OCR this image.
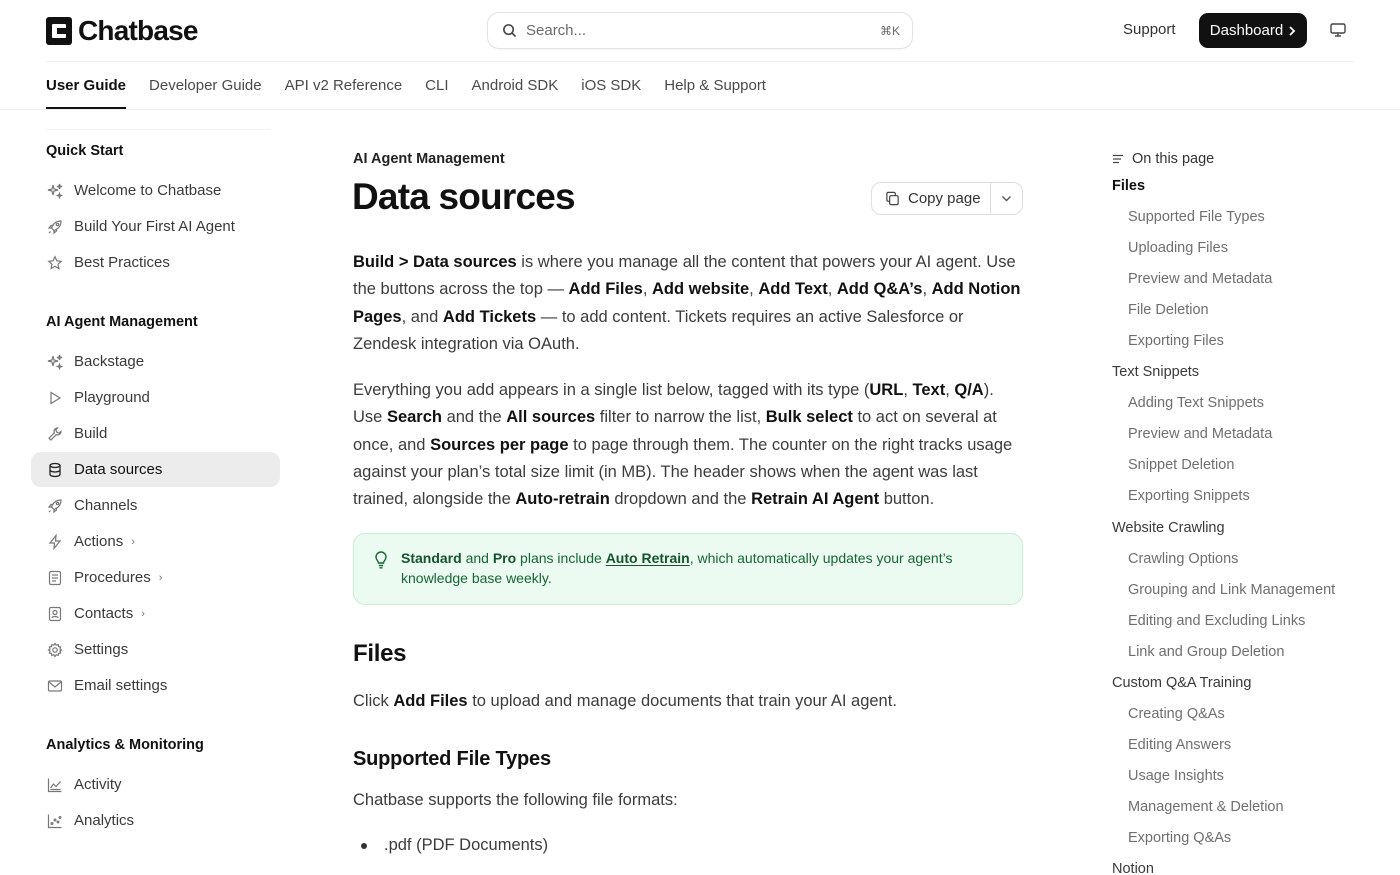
Chatbase	Search...	⌘K	Support Dashboard
User Guide Developer Guide API v2 Reference CLI Android SDK iOS SDK Help & Support
Quick Start
Welcome to Chatbase
Build Your First AI Agent
Best Practices
AI Agent Management
Backstage
Playground
Build
Data sources
Channels
Actions ›
Procedures ›
Contacts ›
Settings
Email settings
Analytics & Monitoring
Activity
Analytics
AI Agent Management
Data sources	Copy page

Build > Data sources is where you manage all the content that powers your AI agent. Use the buttons across the top — Add Files, Add website, Add Text, Add Q&A’s, Add Notion Pages, and Add Tickets — to add content. Tickets requires an active Salesforce or Zendesk integration via OAuth.

Everything you add appears in a single list below, tagged with its type (URL, Text, Q/A). Use Search and the All sources filter to narrow the list, Bulk select to act on several at once, and Sources per page to page through them. The counter on the right tracks usage against your plan’s total size limit (in MB). The header shows when the agent was last trained, alongside the Auto-retrain dropdown and the Retrain AI Agent button.

Standard and Pro plans include Auto Retrain, which automatically updates your agent’s knowledge base weekly.

Files

Click Add Files to upload and manage documents that train your AI agent.

Supported File Types

Chatbase supports the following file formats:

.pdf (PDF Documents)
On this page
Files
Supported File Types
Uploading Files
Preview and Metadata
File Deletion
Exporting Files
Text Snippets
Adding Text Snippets
Preview and Metadata
Snippet Deletion
Exporting Snippets
Website Crawling
Crawling Options
Grouping and Link Management
Editing and Excluding Links
Link and Group Deletion
Custom Q&A Training
Creating Q&As
Editing Answers
Usage Insights
Management & Deletion
Exporting Q&As
Notion
